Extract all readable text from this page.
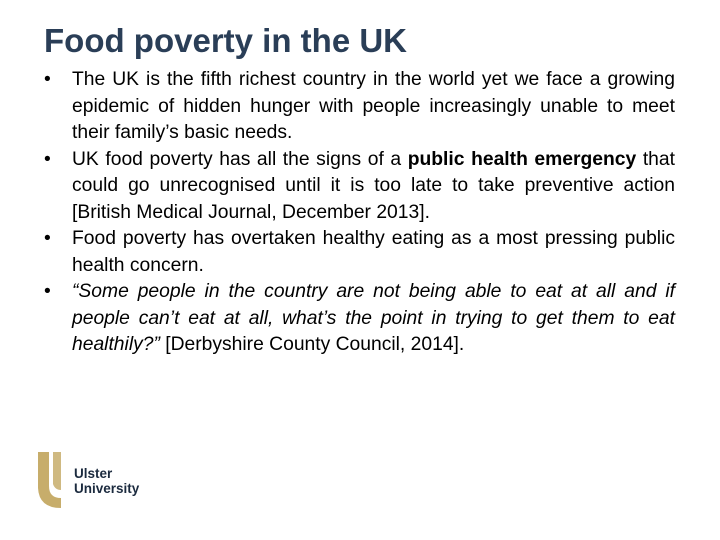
Food poverty in the UK
•	The UK is the fifth richest country in the world yet we face a growing epidemic of hidden hunger with people increasingly unable to meet their family’s basic needs.
•	UK food poverty has all the signs of a public health emergency that could go unrecognised until it is too late to take preventive action [British Medical Journal, December 2013].
•	Food poverty has overtaken healthy eating as a most pressing public health concern.
•	“Some people in the country are not being able to eat at all and if people can’t eat at all, what’s the point in trying to get them to eat healthily?” [Derbyshire County Council, 2014].
Ulster
University
